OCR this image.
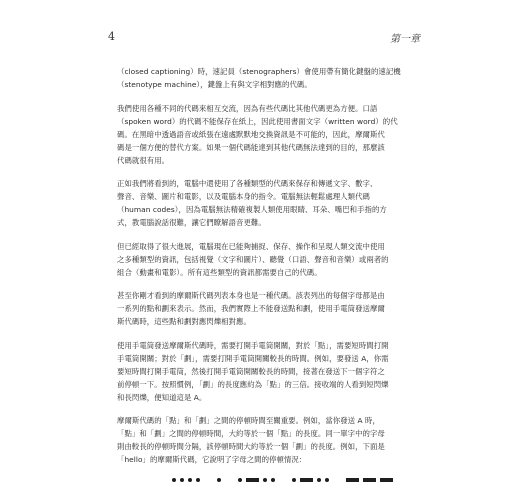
4	第一章

（closed captioning）時，速記員（stenographers）會使用帶有簡化鍵盤的速記機
（stenotype machine），鍵盤上有與文字相對應的代碼。

我們使用各種不同的代碼來相互交流，因為有些代碼比其他代碼更為方便。口語
（spoken word）的代碼不能保存在紙上，因此使用書面文字（written word）的代
碼。在黑暗中透過語音或紙張在遠處默默地交換資訊是不可能的，因此，摩爾斯代
碼是一個方便的替代方案。如果一個代碼能達到其他代碼無法達到的目的，那麼該
代碼就很有用。

正如我們將看到的，電腦中還使用了各種類型的代碼來保存和傳遞文字、數字、
聲音、音樂、圖片和電影，以及電腦本身的指令。電腦無法輕鬆處理人類代碼
（human codes），因為電腦無法精確複製人類使用眼睛、耳朵、嘴巴和手指的方
式，教電腦說話很難，讓它們瞭解語音更難。

但已經取得了很大進展，電腦現在已能夠捕捉、保存、操作和呈現人類交流中使用
之多種類型的資訊，包括視覺（文字和圖片）、聽覺（口語、聲音和音樂）或兩者的
組合（動畫和電影）。所有這些類型的資訊都需要自己的代碼。

甚至你剛才看到的摩爾斯代碼列表本身也是一種代碼。該表列出的每個字母都是由
一系列的點和劃來表示。然而，我們實際上不能發送點和劃，使用手電筒發送摩爾
斯代碼時，這些點和劃對應閃爍相對應。

使用手電筒發送摩爾斯代碼時，需要打開手電筒開關，對於「點」，需要短時間打開
手電筒開關；對於「劃」，需要打開手電筒開關較長的時間。例如，要發送 A，你需
要短時間打開手電筒，然後打開手電筒開關較長的時間，接著在發送下一個字符之
前停頓一下。按照慣例，「劃」的長度應約為「點」的三倍。接收端的人看到短閃爍
和長閃爍，便知道這是 A。

摩爾斯代碼的「點」和「劃」之間的停頓時間至關重要。例如，當你發送 A 時，
「點」和「劃」之間的停頓時間，大約等於一個「點」的長度。同一單字中的字母
則由較長的停頓時間分隔，該停頓時間大約等於一個「劃」的長度。例如，下面是
「hello」的摩爾斯代碼，它說明了字母之間的停頓情況：
